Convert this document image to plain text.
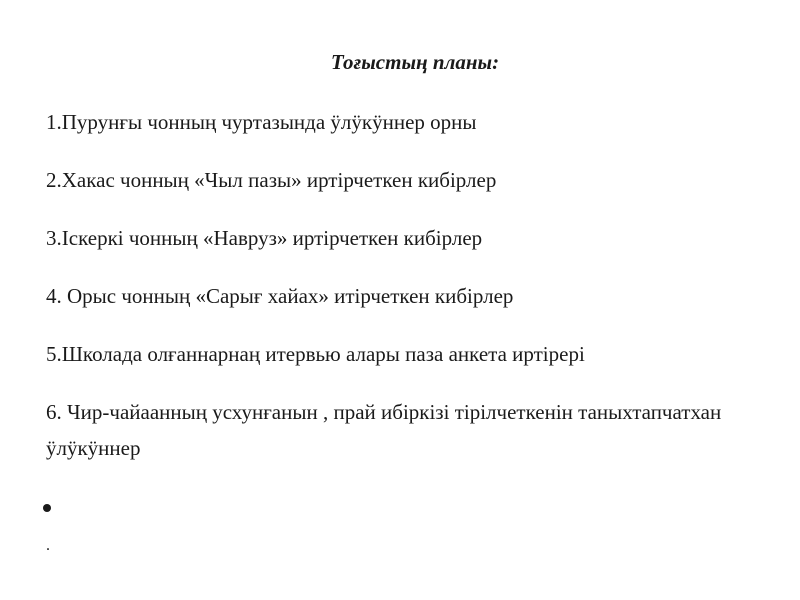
Тоғыстың планы:
1.Пурунғы чонның чуртазында ӱлӱкӱннер орны
2.Хакас чонның «Чыл пазы» иртірчеткен кибірлер
3.Іскеркі чонның «Навруз» иртірчеткен кибірлер
4. Орыс чонның «Сарығ хайах» итірчеткен кибірлер
5.Школада олғаннарнаң итервью алары паза анкета иртірері
6. Чир-чайаанның усхунғанын , прай ибіркізі тірілчеткенін таныхтапчатхан ӱлӱкӱннер
.
